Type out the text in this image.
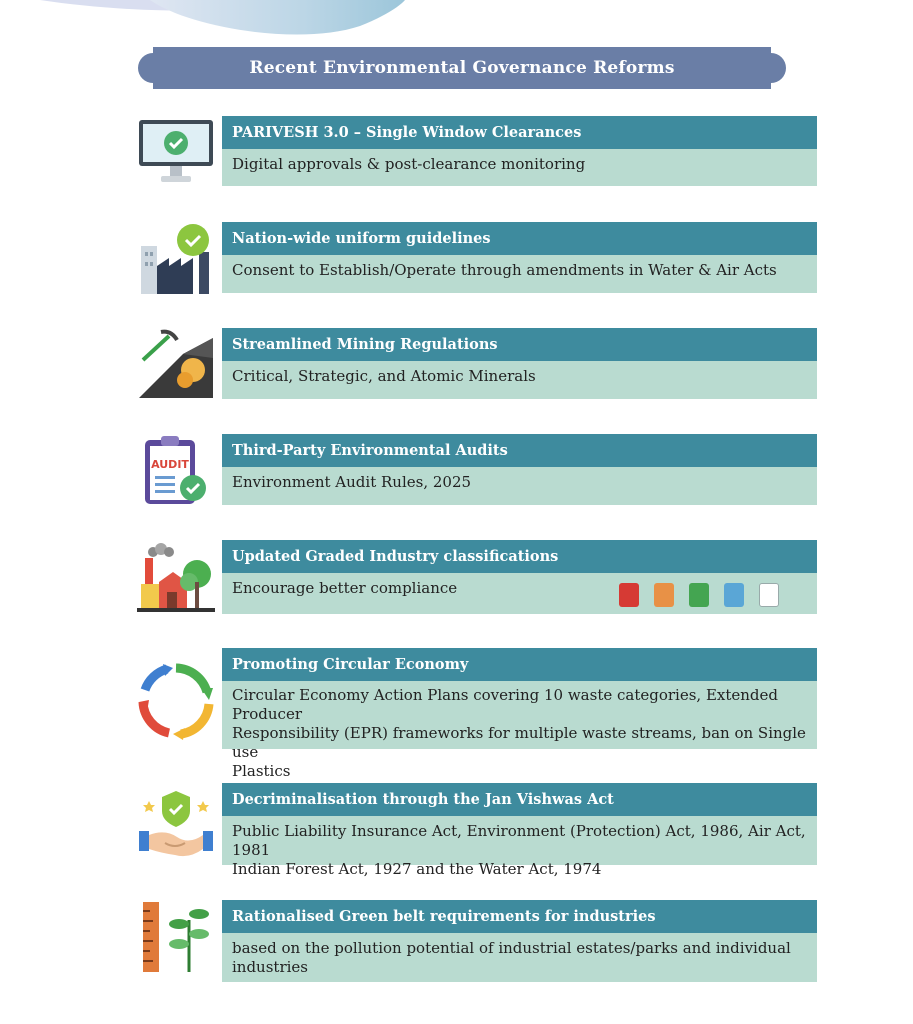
Recent Environmental Governance Reforms
PARIVESH 3.0 – Single Window Clearances
Digital approvals & post-clearance monitoring
Nation-wide uniform guidelines
Consent to Establish/Operate through amendments in Water & Air Acts
Streamlined Mining Regulations
Critical, Strategic, and Atomic Minerals
AUDIT
Third-Party Environmental Audits
Environment Audit Rules, 2025
Updated Graded Industry classifications
Encourage better compliance
Promoting Circular Economy
Circular Economy Action Plans covering 10 waste categories, Extended Producer
Responsibility (EPR) frameworks for multiple waste streams, ban on Single use
Plastics
Decriminalisation through the Jan Vishwas Act
Public Liability Insurance Act, Environment (Protection) Act, 1986, Air Act, 1981
Indian Forest Act, 1927 and the Water Act, 1974
Rationalised Green belt requirements for industries
based on the pollution potential of industrial estates/parks and individual
industries
